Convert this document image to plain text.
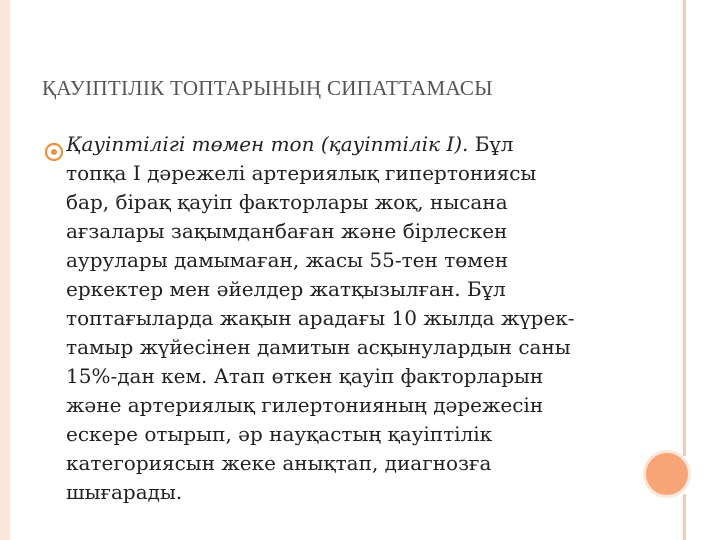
ҚАУІПТІЛІК ТОПТАРЫНЫҢ СИПАТТАМАСЫ
Қауіптілігі төмен топ (қауіптілік І). Бұл
топқа І дәрежелі артериялық гипертониясы
бар, бірақ қауіп факторлары жоқ, нысана
ағзалары зақымданбаған және бірлескен
аурулары дамымаған, жасы 55-тен төмен
еркектер мен әйелдер жатқызылған. Бұл
топтағыларда жақын арадағы 10 жылда жүрек-
тамыр жүйесінен дамитын асқынулардын саны
15%-дан кем. Атап өткен қауіп факторларын
және артериялық гилертонияның дәрежесін
ескере отырып, әр науқастың қауіптілік
категориясын жеке анықтап, диагнозға
шығарады.
